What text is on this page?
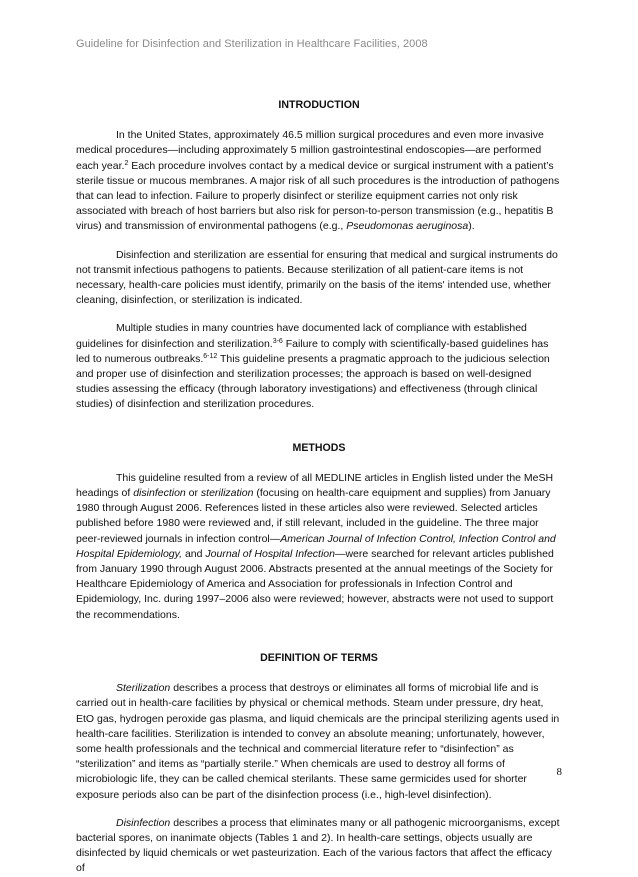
Guideline for Disinfection and Sterilization in Healthcare Facilities, 2008

INTRODUCTION

In the United States, approximately 46.5 million surgical procedures and even more invasive medical procedures—including approximately 5 million gastrointestinal endoscopies—are performed each year.$^2$ Each procedure involves contact by a medical device or surgical instrument with a patient’s sterile tissue or mucous membranes. A major risk of all such procedures is the introduction of pathogens that can lead to infection. Failure to properly disinfect or sterilize equipment carries not only risk associated with breach of host barriers but also risk for person-to-person transmission (e.g., hepatitis B virus) and transmission of environmental pathogens (e.g., Pseudomonas aeruginosa).

Disinfection and sterilization are essential for ensuring that medical and surgical instruments do not transmit infectious pathogens to patients. Because sterilization of all patient-care items is not necessary, health-care policies must identify, primarily on the basis of the items' intended use, whether cleaning, disinfection, or sterilization is indicated.

Multiple studies in many countries have documented lack of compliance with established guidelines for disinfection and sterilization.$^{3-6}$ Failure to comply with scientifically-based guidelines has led to numerous outbreaks.$^{6-12}$ This guideline presents a pragmatic approach to the judicious selection and proper use of disinfection and sterilization processes; the approach is based on well-designed studies assessing the efficacy (through laboratory investigations) and effectiveness (through clinical studies) of disinfection and sterilization procedures.

METHODS

This guideline resulted from a review of all MEDLINE articles in English listed under the MeSH headings of disinfection or sterilization (focusing on health-care equipment and supplies) from January 1980 through August 2006. References listed in these articles also were reviewed. Selected articles published before 1980 were reviewed and, if still relevant, included in the guideline. The three major peer-reviewed journals in infection control—American Journal of Infection Control, Infection Control and Hospital Epidemiology, and Journal of Hospital Infection—were searched for relevant articles published from January 1990 through August 2006. Abstracts presented at the annual meetings of the Society for Healthcare Epidemiology of America and Association for professionals in Infection Control and Epidemiology, Inc. during 1997–2006 also were reviewed; however, abstracts were not used to support the recommendations.

DEFINITION OF TERMS

Sterilization describes a process that destroys or eliminates all forms of microbial life and is carried out in health-care facilities by physical or chemical methods. Steam under pressure, dry heat, EtO gas, hydrogen peroxide gas plasma, and liquid chemicals are the principal sterilizing agents used in health-care facilities. Sterilization is intended to convey an absolute meaning; unfortunately, however, some health professionals and the technical and commercial literature refer to “disinfection” as “sterilization” and items as “partially sterile.” When chemicals are used to destroy all forms of microbiologic life, they can be called chemical sterilants. These same germicides used for shorter exposure periods also can be part of the disinfection process (i.e., high-level disinfection).

Disinfection describes a process that eliminates many or all pathogenic microorganisms, except bacterial spores, on inanimate objects (Tables 1 and 2). In health-care settings, objects usually are disinfected by liquid chemicals or wet pasteurization. Each of the various factors that affect the efficacy of

8
